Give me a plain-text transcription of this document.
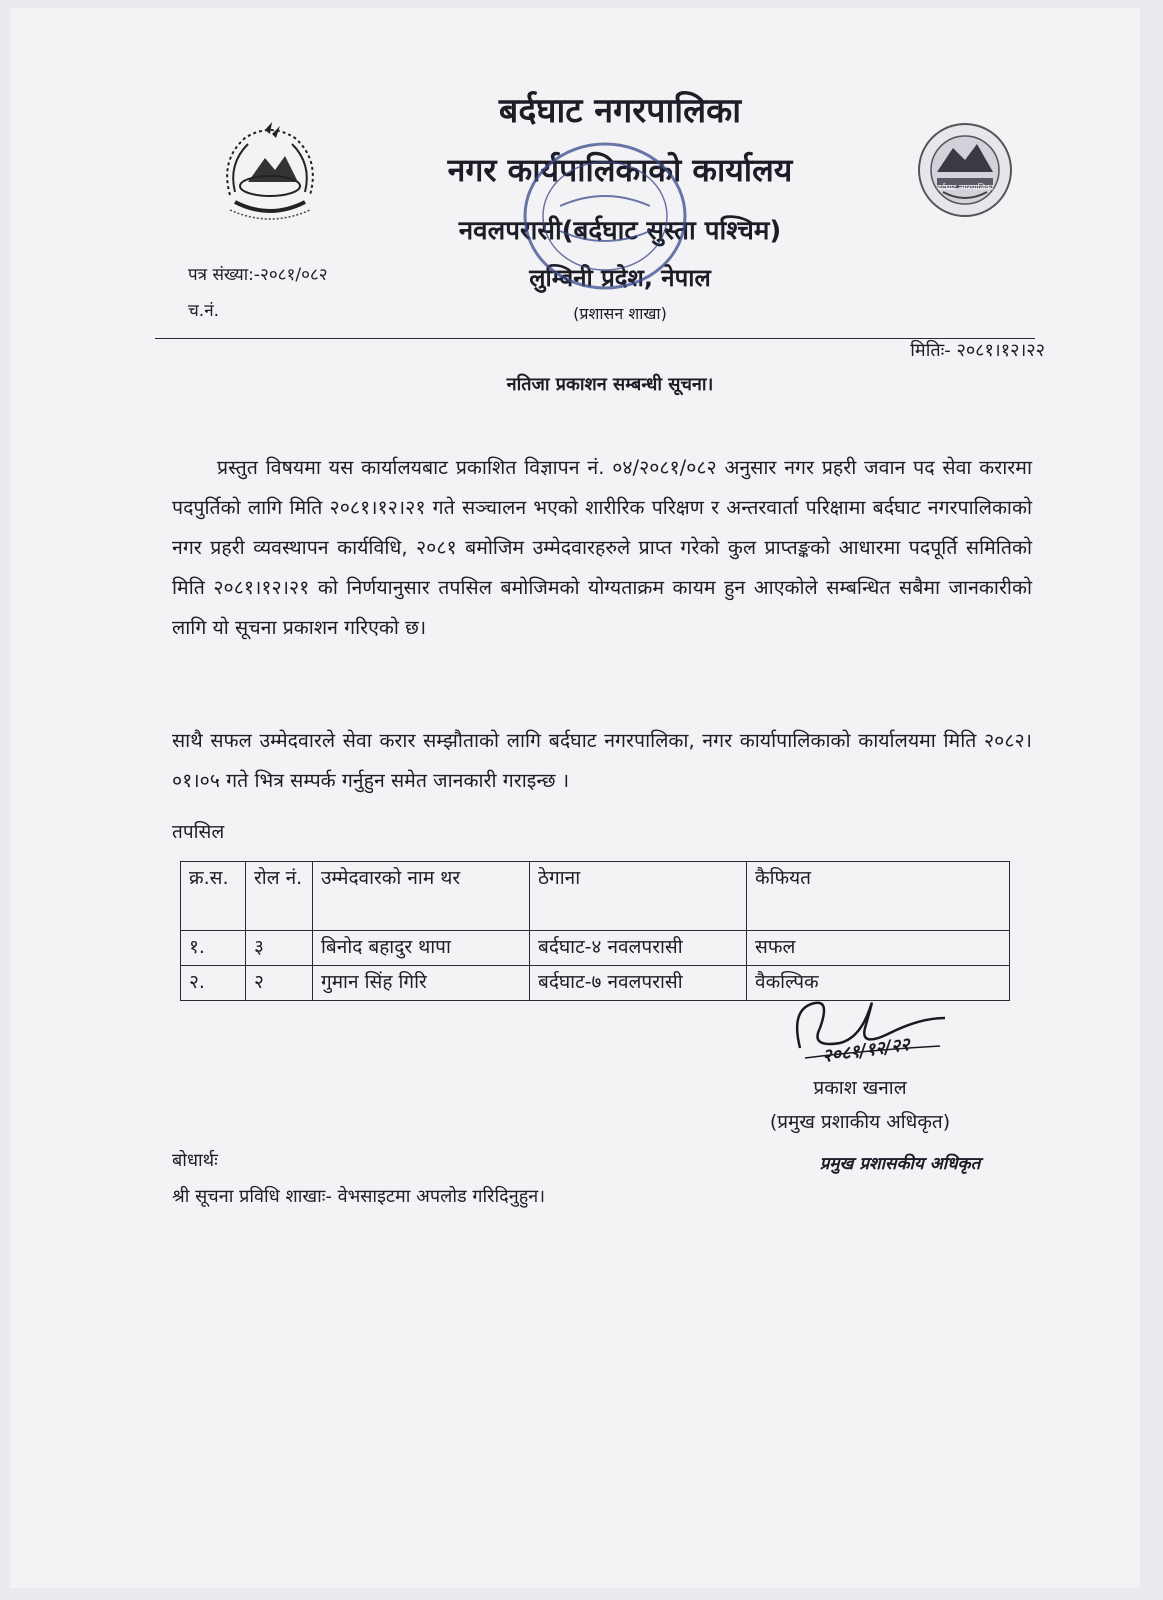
बर्दघाट नगरपालिका
बर्दघाट नगरपालिका
नगर कार्यपालिकाको कार्यालय
नवलपरासी(बर्दघाट सुस्ता पश्चिम)
लुम्बिनी प्रदेश, नेपाल
(प्रशासन शाखा)
पत्र संख्या:-२०८१/०८२
च.नं.
मितिः- २०८१।१२।२२
नतिजा प्रकाशन सम्बन्धी सूचना।
प्रस्तुत विषयमा यस कार्यालयबाट प्रकाशित विज्ञापन नं. ०४/२०८१/०८२ अनुसार नगर प्रहरी जवान पद सेवा करारमा पदपुर्तिको लागि मिति २०८१।१२।२१ गते सञ्चालन भएको शारीरिक परिक्षण र अन्तरवार्ता परिक्षामा बर्दघाट नगरपालिकाको नगर प्रहरी व्यवस्थापन कार्यविधि, २०८१ बमोजिम उम्मेदवारहरुले प्राप्त गरेको कुल प्राप्तङ्कको आधारमा पदपूर्ति समितिको मिति २०८१।१२।२१ को निर्णयानुसार तपसिल बमोजिमको योग्यताक्रम कायम हुन आएकोले सम्बन्धित सबैमा जानकारीको लागि यो सूचना प्रकाशन गरिएको छ।
साथै सफल उम्मेदवारले सेवा करार सम्झौताको लागि बर्दघाट नगरपालिका, नगर कार्यापालिकाको कार्यालयमा मिति २०८२।०१।०५ गते भित्र सम्पर्क गर्नुहुन समेत जानकारी गराइन्छ ।
तपसिल
क्र.स.	रोल नं.	उम्मेदवारको नाम थर	ठेगाना	कैफियत
१.	३	बिनोद बहादुर थापा	बर्दघाट-४ नवलपरासी	सफल
२.	२	गुमान सिंह गिरि	बर्दघाट-७ नवलपरासी	वैकल्पिक
२०८१/१२/२२
प्रकाश खनाल
(प्रमुख प्रशाकीय अधिकृत)
प्रमुख प्रशासकीय अधिकृत
बोधार्थः
श्री सूचना प्रविधि शाखाः- वेभसाइटमा अपलोड गरिदिनुहुन।
